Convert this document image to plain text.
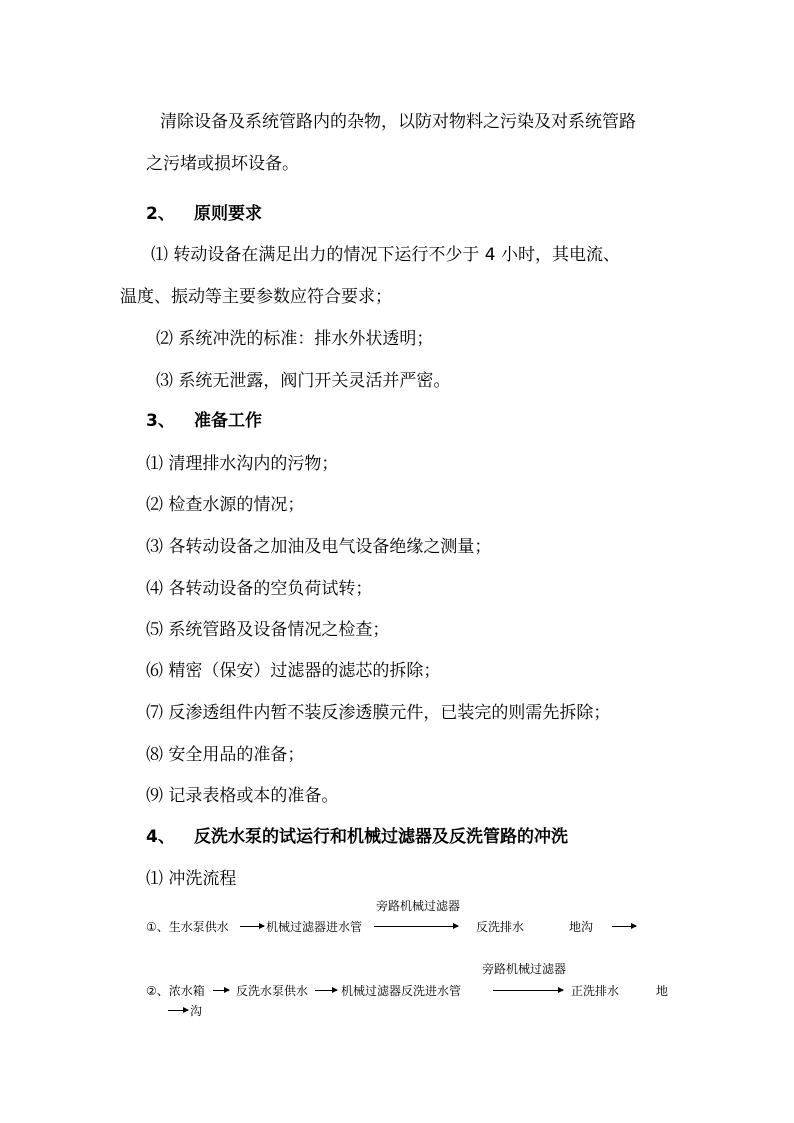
清除设备及系统管路内的杂物，以防对物料之污染及对系统管路
之污堵或损坏设备。
2、 原则要求
⑴ 转动设备在满足出力的情况下运行不少于 4 小时，其电流、
温度、振动等主要参数应符合要求；
⑵ 系统冲洗的标准：排水外状透明；
⑶ 系统无泄露，阀门开关灵活并严密。
3、 准备工作
⑴ 清理排水沟内的污物；
⑵ 检查水源的情况；
⑶ 各转动设备之加油及电气设备绝缘之测量；
⑷ 各转动设备的空负荷试转；
⑸ 系统管路及设备情况之检查；
⑹ 精密（保安）过滤器的滤芯的拆除；
⑺ 反渗透组件内暂不装反渗透膜元件，已装完的则需先拆除；
⑻ 安全用品的准备；
⑼ 记录表格或本的准备。
4、 反洗水泵的试运行和机械过滤器及反洗管路的冲洗
⑴ 冲洗流程
旁路机械过滤器
①、生水泵供水	机械过滤器进水管	反洗排水	地沟
旁路机械过滤器
②、浓水箱	反洗水泵供水	机械过滤器反洗进水管	正洗排水	地
沟
